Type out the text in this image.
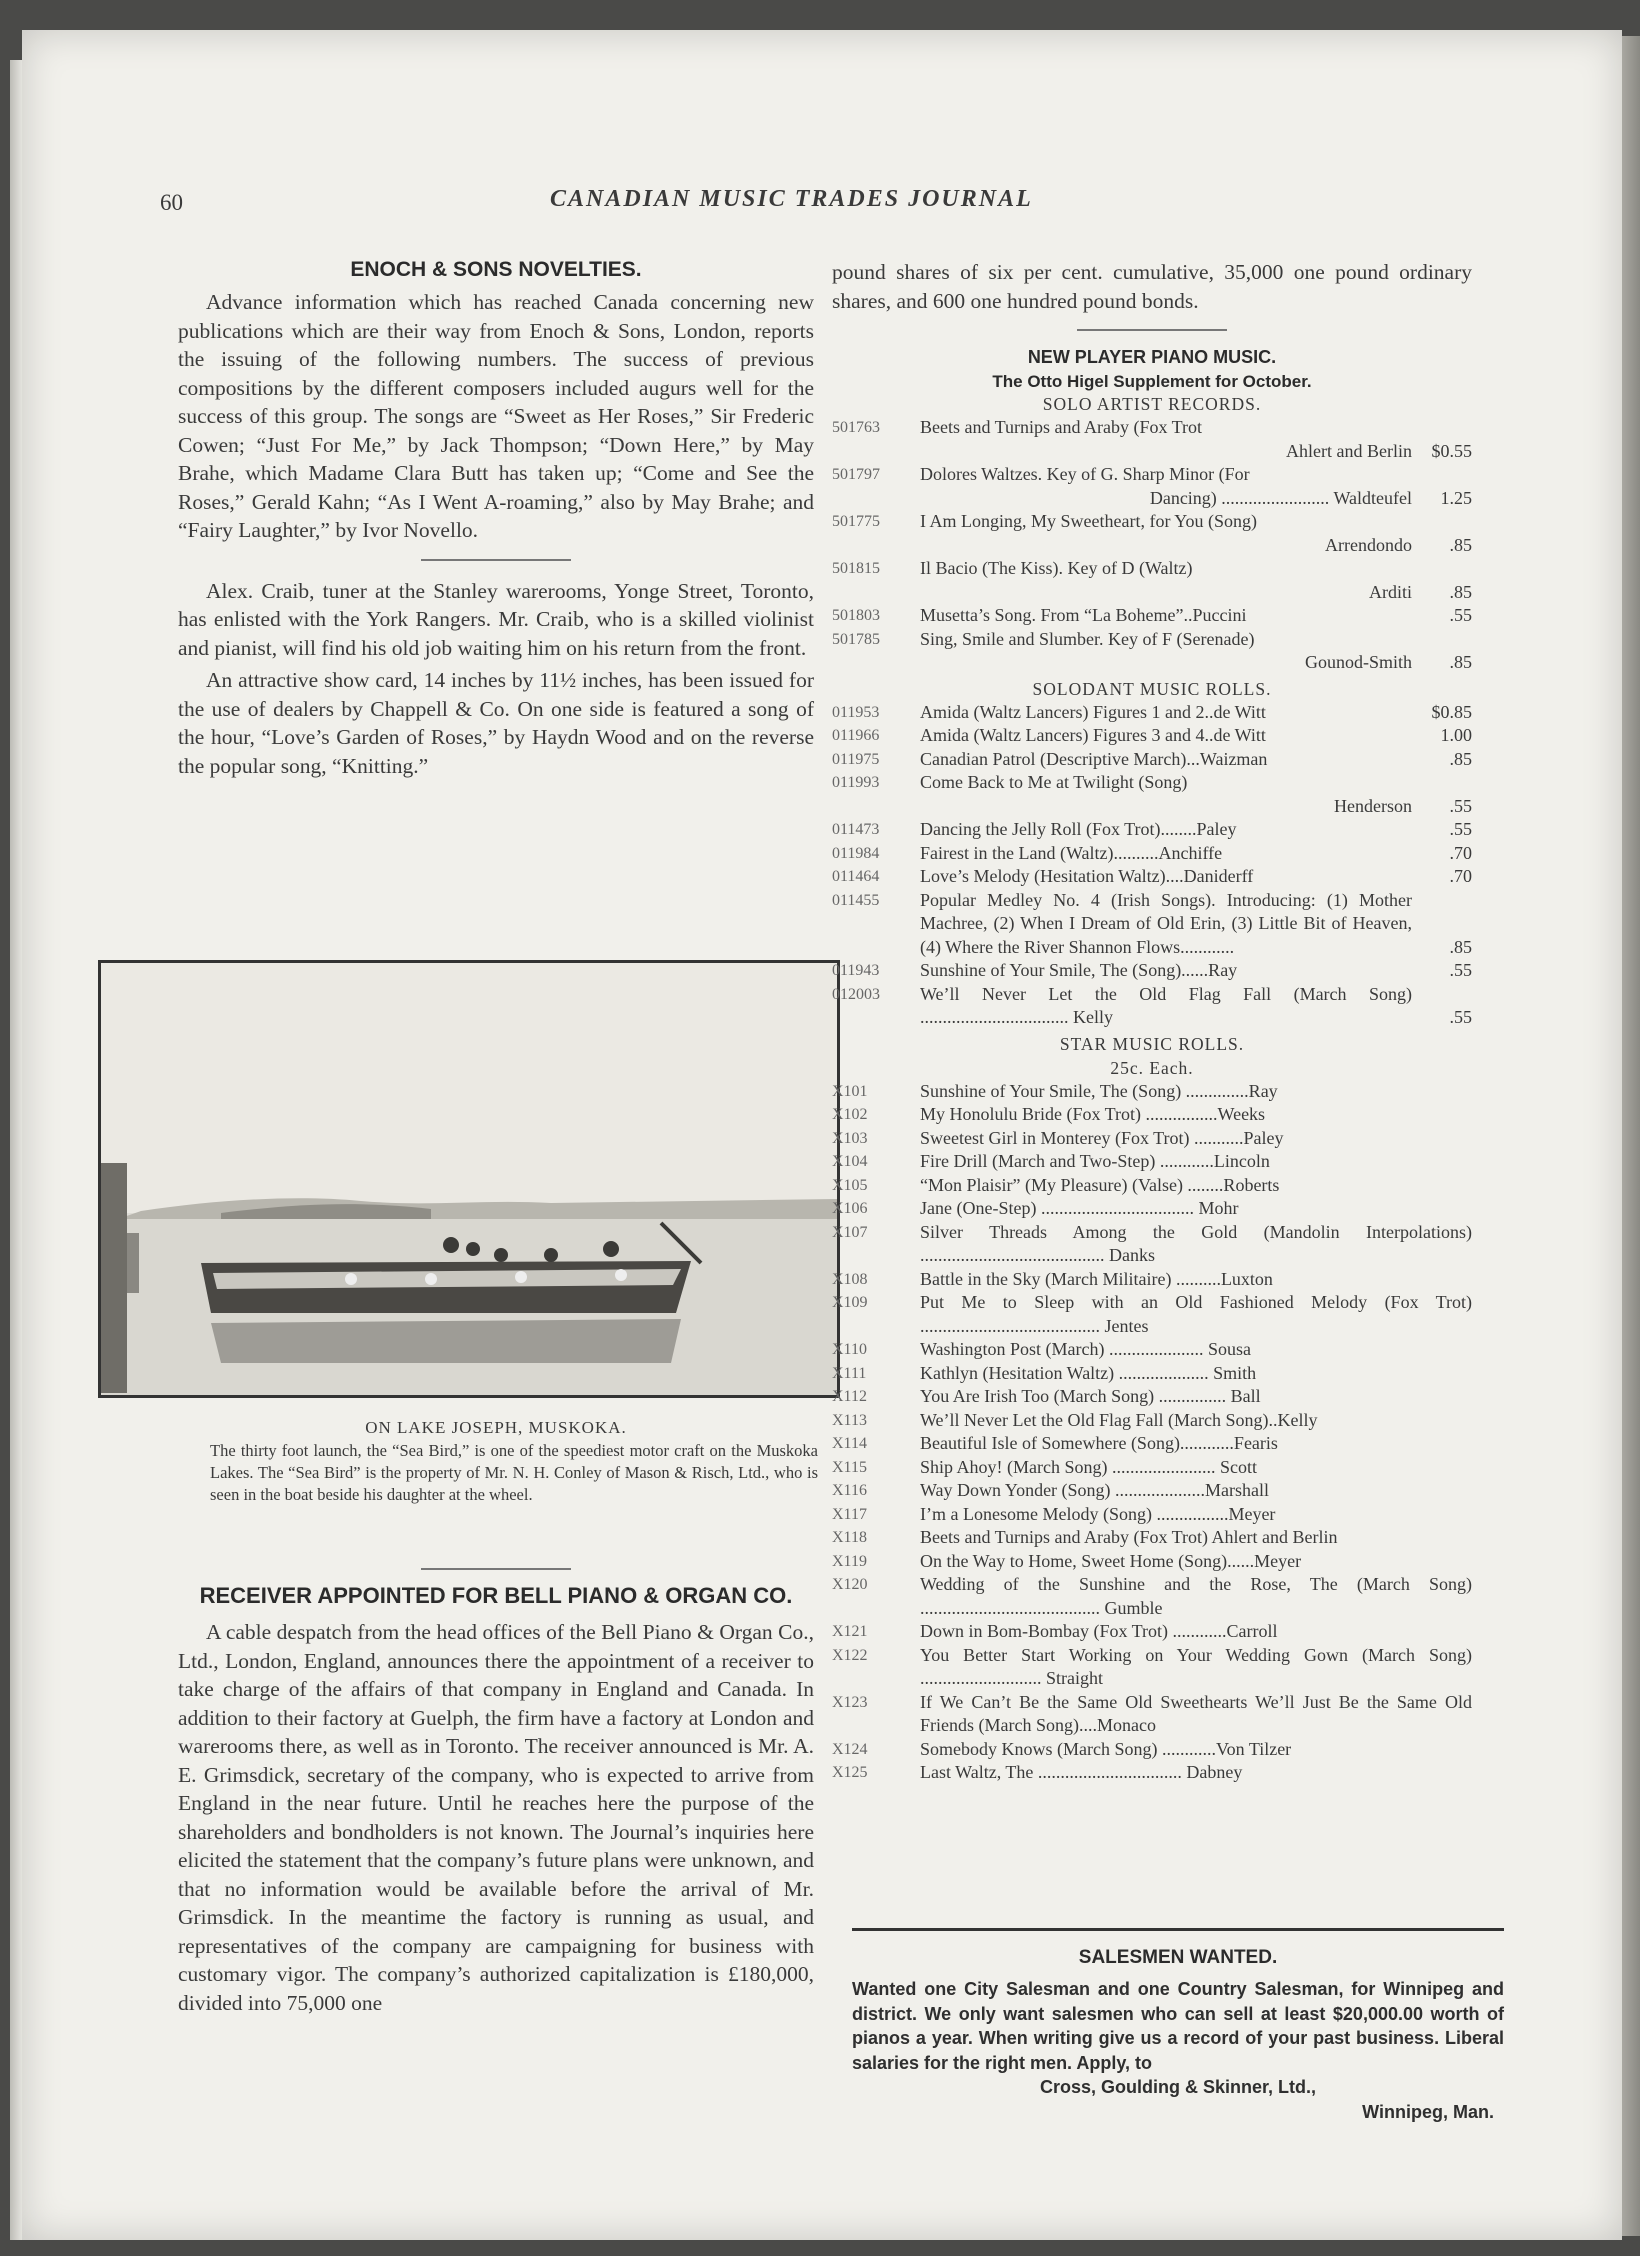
60	CANADIAN MUSIC TRADES JOURNAL
ENOCH & SONS NOVELTIES.

Advance information which has reached Canada concerning new publications which are their way from Enoch & Sons, London, reports the issuing of the following numbers. The success of previous compositions by the different composers included augurs well for the success of this group. The songs are “Sweet as Her Roses,” Sir Frederic Cowen; “Just For Me,” by Jack Thompson; “Down Here,” by May Brahe, which Madame Clara Butt has taken up; “Come and See the Roses,” Gerald Kahn; “As I Went A-roaming,” also by May Brahe; and “Fairy Laughter,” by Ivor Novello.

Alex. Craib, tuner at the Stanley warerooms, Yonge Street, Toronto, has enlisted with the York Rangers. Mr. Craib, who is a skilled violinist and pianist, will find his old job waiting him on his return from the front.

An attractive show card, 14 inches by 11½ inches, has been issued for the use of dealers by Chappell & Co. On one side is featured a song of the hour, “Love’s Garden of Roses,” by Haydn Wood and on the reverse the popular song, “Knitting.”

ON LAKE JOSEPH, MUSKOKA.
The thirty foot launch, the “Sea Bird,” is one of the speediest motor craft on the Muskoka Lakes. The “Sea Bird” is the property of Mr. N. H. Conley of Mason & Risch, Ltd., who is seen in the boat beside his daughter at the wheel.
RECEIVER APPOINTED FOR BELL PIANO & ORGAN CO.

A cable despatch from the head offices of the Bell Piano & Organ Co., Ltd., London, England, announces there the appointment of a receiver to take charge of the affairs of that company in England and Canada. In addition to their factory at Guelph, the firm have a factory at London and warerooms there, as well as in Toronto. The receiver announced is Mr. A. E. Grimsdick, secretary of the company, who is expected to arrive from England in the near future. Until he reaches here the purpose of the shareholders and bondholders is not known. The Journal’s inquiries here elicited the statement that the company’s future plans were unknown, and that no information would be available before the arrival of Mr. Grimsdick. In the meantime the factory is running as usual, and representatives of the company are campaigning for business with customary vigor. The company’s authorized capitalization is £180,000, divided into 75,000 one

pound shares of six per cent. cumulative, 35,000 one pound ordinary shares, and 600 one hundred pound bonds.

NEW PLAYER PIANO MUSIC.
The Otto Higel Supplement for October.
SOLO ARTIST RECORDS.
501763	Beets and Turnips and Araby (Fox Trot
Ahlert and Berlin	$0.55
501797	Dolores Waltzes. Key of G. Sharp Minor (For
Dancing) ........................ Waldteufel	1.25
501775	I Am Longing, My Sweetheart, for You (Song)
Arrendondo	.85
501815	Il Bacio (The Kiss). Key of D (Waltz)
Arditi	.85
501803	Musetta’s Song. From “La Boheme”..Puccini	.55
501785	Sing, Smile and Slumber. Key of F (Serenade)
Gounod-Smith	.85
SOLODANT MUSIC ROLLS.
011953	Amida (Waltz Lancers) Figures 1 and 2..de Witt	$0.85
011966	Amida (Waltz Lancers) Figures 3 and 4..de Witt	1.00
011975	Canadian Patrol (Descriptive March)...Waizman	.85
011993	Come Back to Me at Twilight (Song)
Henderson	.55
011473	Dancing the Jelly Roll (Fox Trot)........Paley	.55
011984	Fairest in the Land (Waltz)..........Anchiffe	.70
011464	Love’s Melody (Hesitation Waltz)....Daniderff	.70
011455	Popular Medley No. 4 (Irish Songs). Introducing: (1) Mother Machree, (2) When I Dream of Old Erin, (3) Little Bit of Heaven, (4) Where the River Shannon Flows............	.85
011943	Sunshine of Your Smile, The (Song)......Ray	.55
012003	We’ll Never Let the Old Flag Fall (March Song) ................................. Kelly	.55
STAR MUSIC ROLLS.
25c. Each.
X101	Sunshine of Your Smile, The (Song) ..............Ray
X102	My Honolulu Bride (Fox Trot) ................Weeks
X103	Sweetest Girl in Monterey (Fox Trot) ...........Paley
X104	Fire Drill (March and Two-Step) ............Lincoln
X105	“Mon Plaisir” (My Pleasure) (Valse) ........Roberts
X106	Jane (One-Step) .................................. Mohr
X107	Silver Threads Among the Gold (Mandolin Interpolations) ......................................... Danks
X108	Battle in the Sky (March Militaire) ..........Luxton
X109	Put Me to Sleep with an Old Fashioned Melody (Fox Trot) ........................................ Jentes
X110	Washington Post (March) ..................... Sousa
X111	Kathlyn (Hesitation Waltz) .................... Smith
X112	You Are Irish Too (March Song) ............... Ball
X113	We’ll Never Let the Old Flag Fall (March Song)..Kelly
X114	Beautiful Isle of Somewhere (Song)............Fearis
X115	Ship Ahoy! (March Song) ....................... Scott
X116	Way Down Yonder (Song) ....................Marshall
X117	I’m a Lonesome Melody (Song) ................Meyer
X118	Beets and Turnips and Araby (Fox Trot) Ahlert and Berlin
X119	On the Way to Home, Sweet Home (Song)......Meyer
X120	Wedding of the Sunshine and the Rose, The (March Song) ........................................ Gumble
X121	Down in Bom-Bombay (Fox Trot) ............Carroll
X122	You Better Start Working on Your Wedding Gown (March Song) ........................... Straight
X123	If We Can’t Be the Same Old Sweethearts We’ll Just Be the Same Old Friends (March Song)....Monaco
X124	Somebody Knows (March Song) ............Von Tilzer
X125	Last Waltz, The ................................ Dabney
SALESMEN WANTED.
Wanted one City Salesman and one Country Salesman, for Winnipeg and district. We only want salesmen who can sell at least $20,000.00 worth of pianos a year. When writing give us a record of your past business. Liberal salaries for the right men. Apply, to
Cross, Goulding & Skinner, Ltd.,
Winnipeg, Man.
